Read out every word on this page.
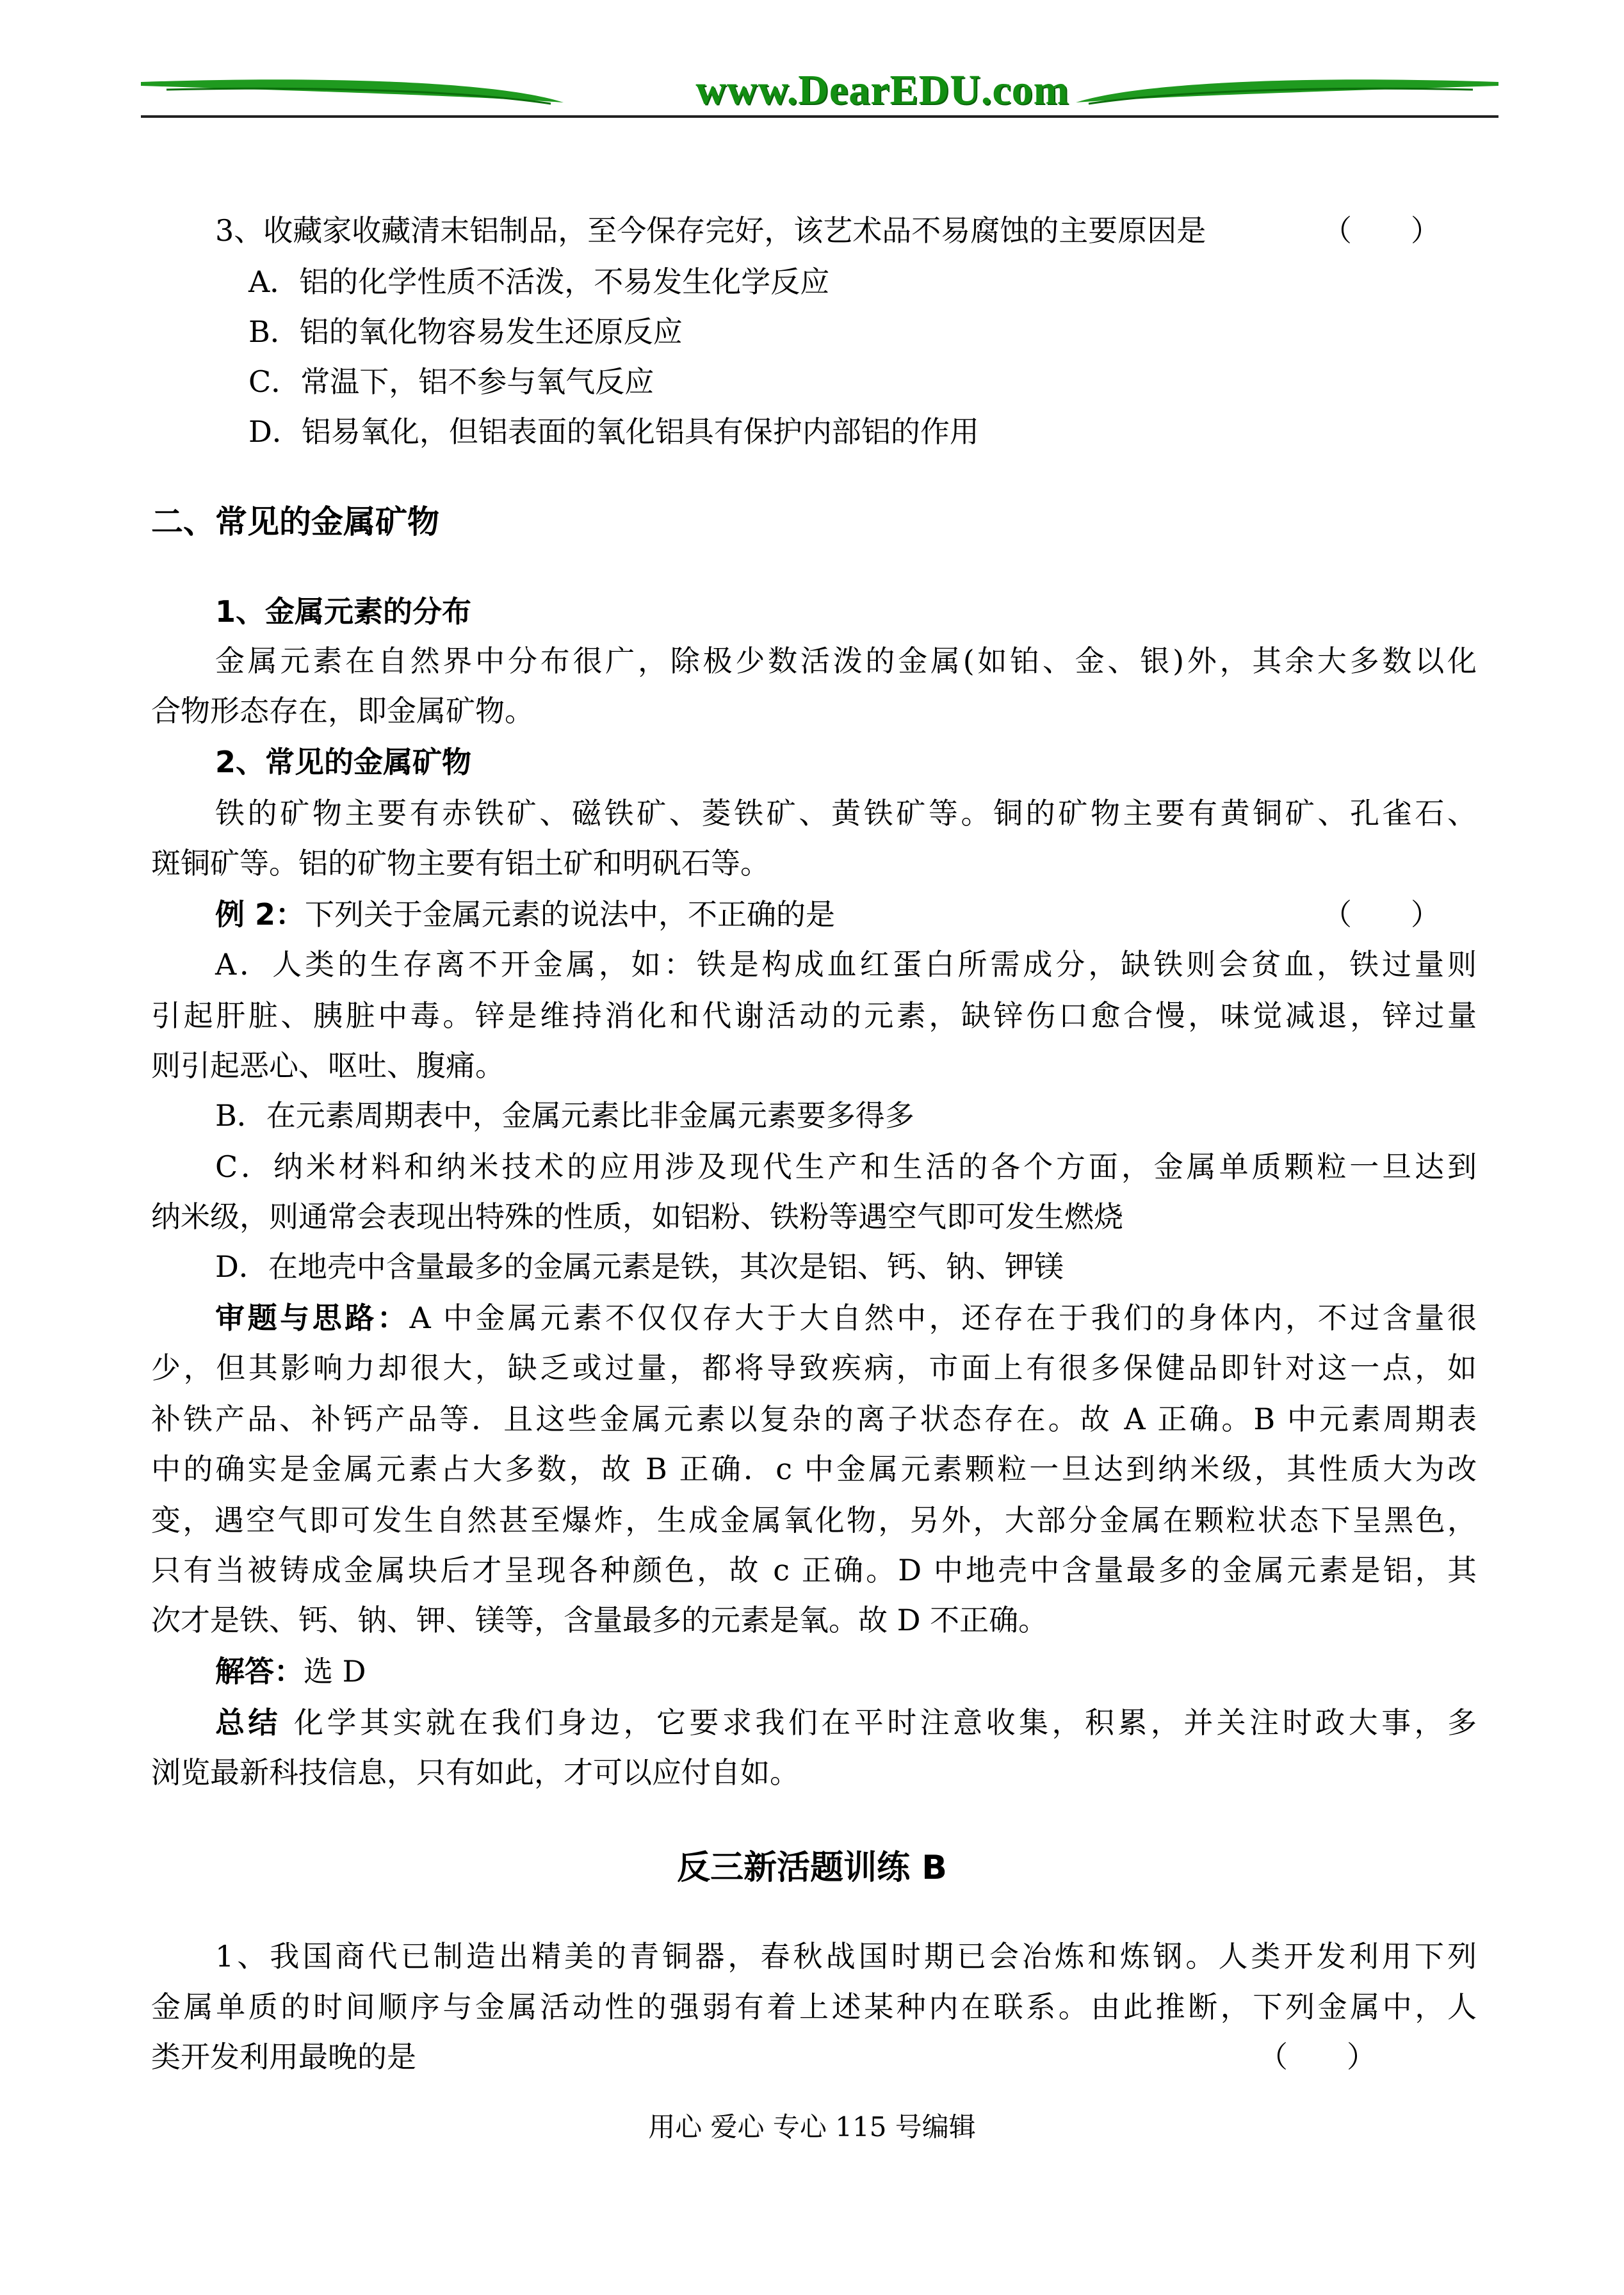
www.DearEDU.com
3、收藏家收藏清末铝制品，至今保存完好，该艺术品不易腐蚀的主要原因是	（　　）
A．铝的化学性质不活泼，不易发生化学反应
B．铝的氧化物容易发生还原反应
C．常温下，铝不参与氧气反应
D．铝易氧化，但铝表面的氧化铝具有保护内部铝的作用
二、常见的金属矿物
1、金属元素的分布
金属元素在自然界中分布很广，除极少数活泼的金属(如铂、金、银)外，其余大多数以化
合物形态存在，即金属矿物。
2、常见的金属矿物
铁的矿物主要有赤铁矿、磁铁矿、菱铁矿、黄铁矿等。铜的矿物主要有黄铜矿、孔雀石、
斑铜矿等。铝的矿物主要有铝土矿和明矾石等。
例 2：下列关于金属元素的说法中，不正确的是	（　　）
A．人类的生存离不开金属，如：铁是构成血红蛋白所需成分，缺铁则会贫血，铁过量则
引起肝脏、胰脏中毒。锌是维持消化和代谢活动的元素，缺锌伤口愈合慢，味觉减退，锌过量
则引起恶心、呕吐、腹痛。
B．在元素周期表中，金属元素比非金属元素要多得多
C．纳米材料和纳米技术的应用涉及现代生产和生活的各个方面，金属单质颗粒一旦达到
纳米级，则通常会表现出特殊的性质，如铝粉、铁粉等遇空气即可发生燃烧
D．在地壳中含量最多的金属元素是铁，其次是铝、钙、钠、钾镁
审题与思路：A 中金属元素不仅仅存大于大自然中，还存在于我们的身体内，不过含量很
少，但其影响力却很大，缺乏或过量，都将导致疾病，市面上有很多保健品即针对这一点，如
补铁产品、补钙产品等．且这些金属元素以复杂的离子状态存在。故 A 正确。B 中元素周期表
中的确实是金属元素占大多数，故 B 正确．c 中金属元素颗粒一旦达到纳米级，其性质大为改
变，遇空气即可发生自然甚至爆炸，生成金属氧化物，另外，大部分金属在颗粒状态下呈黑色，
只有当被铸成金属块后才呈现各种颜色，故 c 正确。D 中地壳中含量最多的金属元素是铝，其
次才是铁、钙、钠、钾、镁等，含量最多的元素是氧。故 D 不正确。
解答：选 D
总结 化学其实就在我们身边，它要求我们在平时注意收集，积累，并关注时政大事，多
浏览最新科技信息，只有如此，才可以应付自如。
反三新活题训练 B
1、我国商代已制造出精美的青铜器，春秋战国时期已会冶炼和炼钢。人类开发利用下列
金属单质的时间顺序与金属活动性的强弱有着上述某种内在联系。由此推断，下列金属中，人
类开发利用最晚的是	（　　）
用心 爱心 专心 115 号编辑
